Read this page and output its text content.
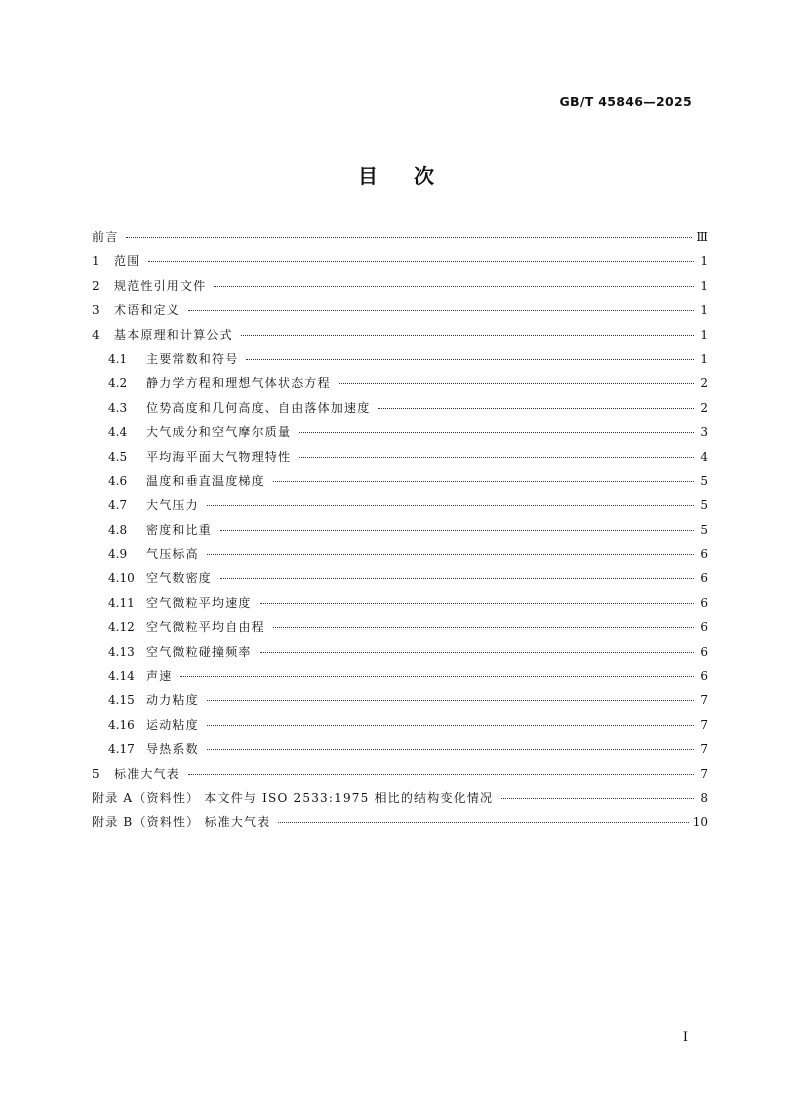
GB/T 45846—2025
目次
前言	Ⅲ
1	范围	1
2	规范性引用文件	1
3	术语和定义	1
4	基本原理和计算公式	1
4.1	主要常数和符号	1
4.2	静力学方程和理想气体状态方程	2
4.3	位势高度和几何高度、自由落体加速度	2
4.4	大气成分和空气摩尔质量	3
4.5	平均海平面大气物理特性	4
4.6	温度和垂直温度梯度	5
4.7	大气压力	5
4.8	密度和比重	5
4.9	气压标高	6
4.10 空气数密度	6
4.11 空气微粒平均速度	6
4.12 空气微粒平均自由程	6
4.13 空气微粒碰撞频率	6
4.14 声速	6
4.15 动力粘度	7
4.16 运动粘度	7
4.17 导热系数	7
5	标准大气表	7
附录 A（资料性） 本文件与 ISO 2533:1975 相比的结构变化情况	8
附录 B（资料性） 标准大气表	10
I
